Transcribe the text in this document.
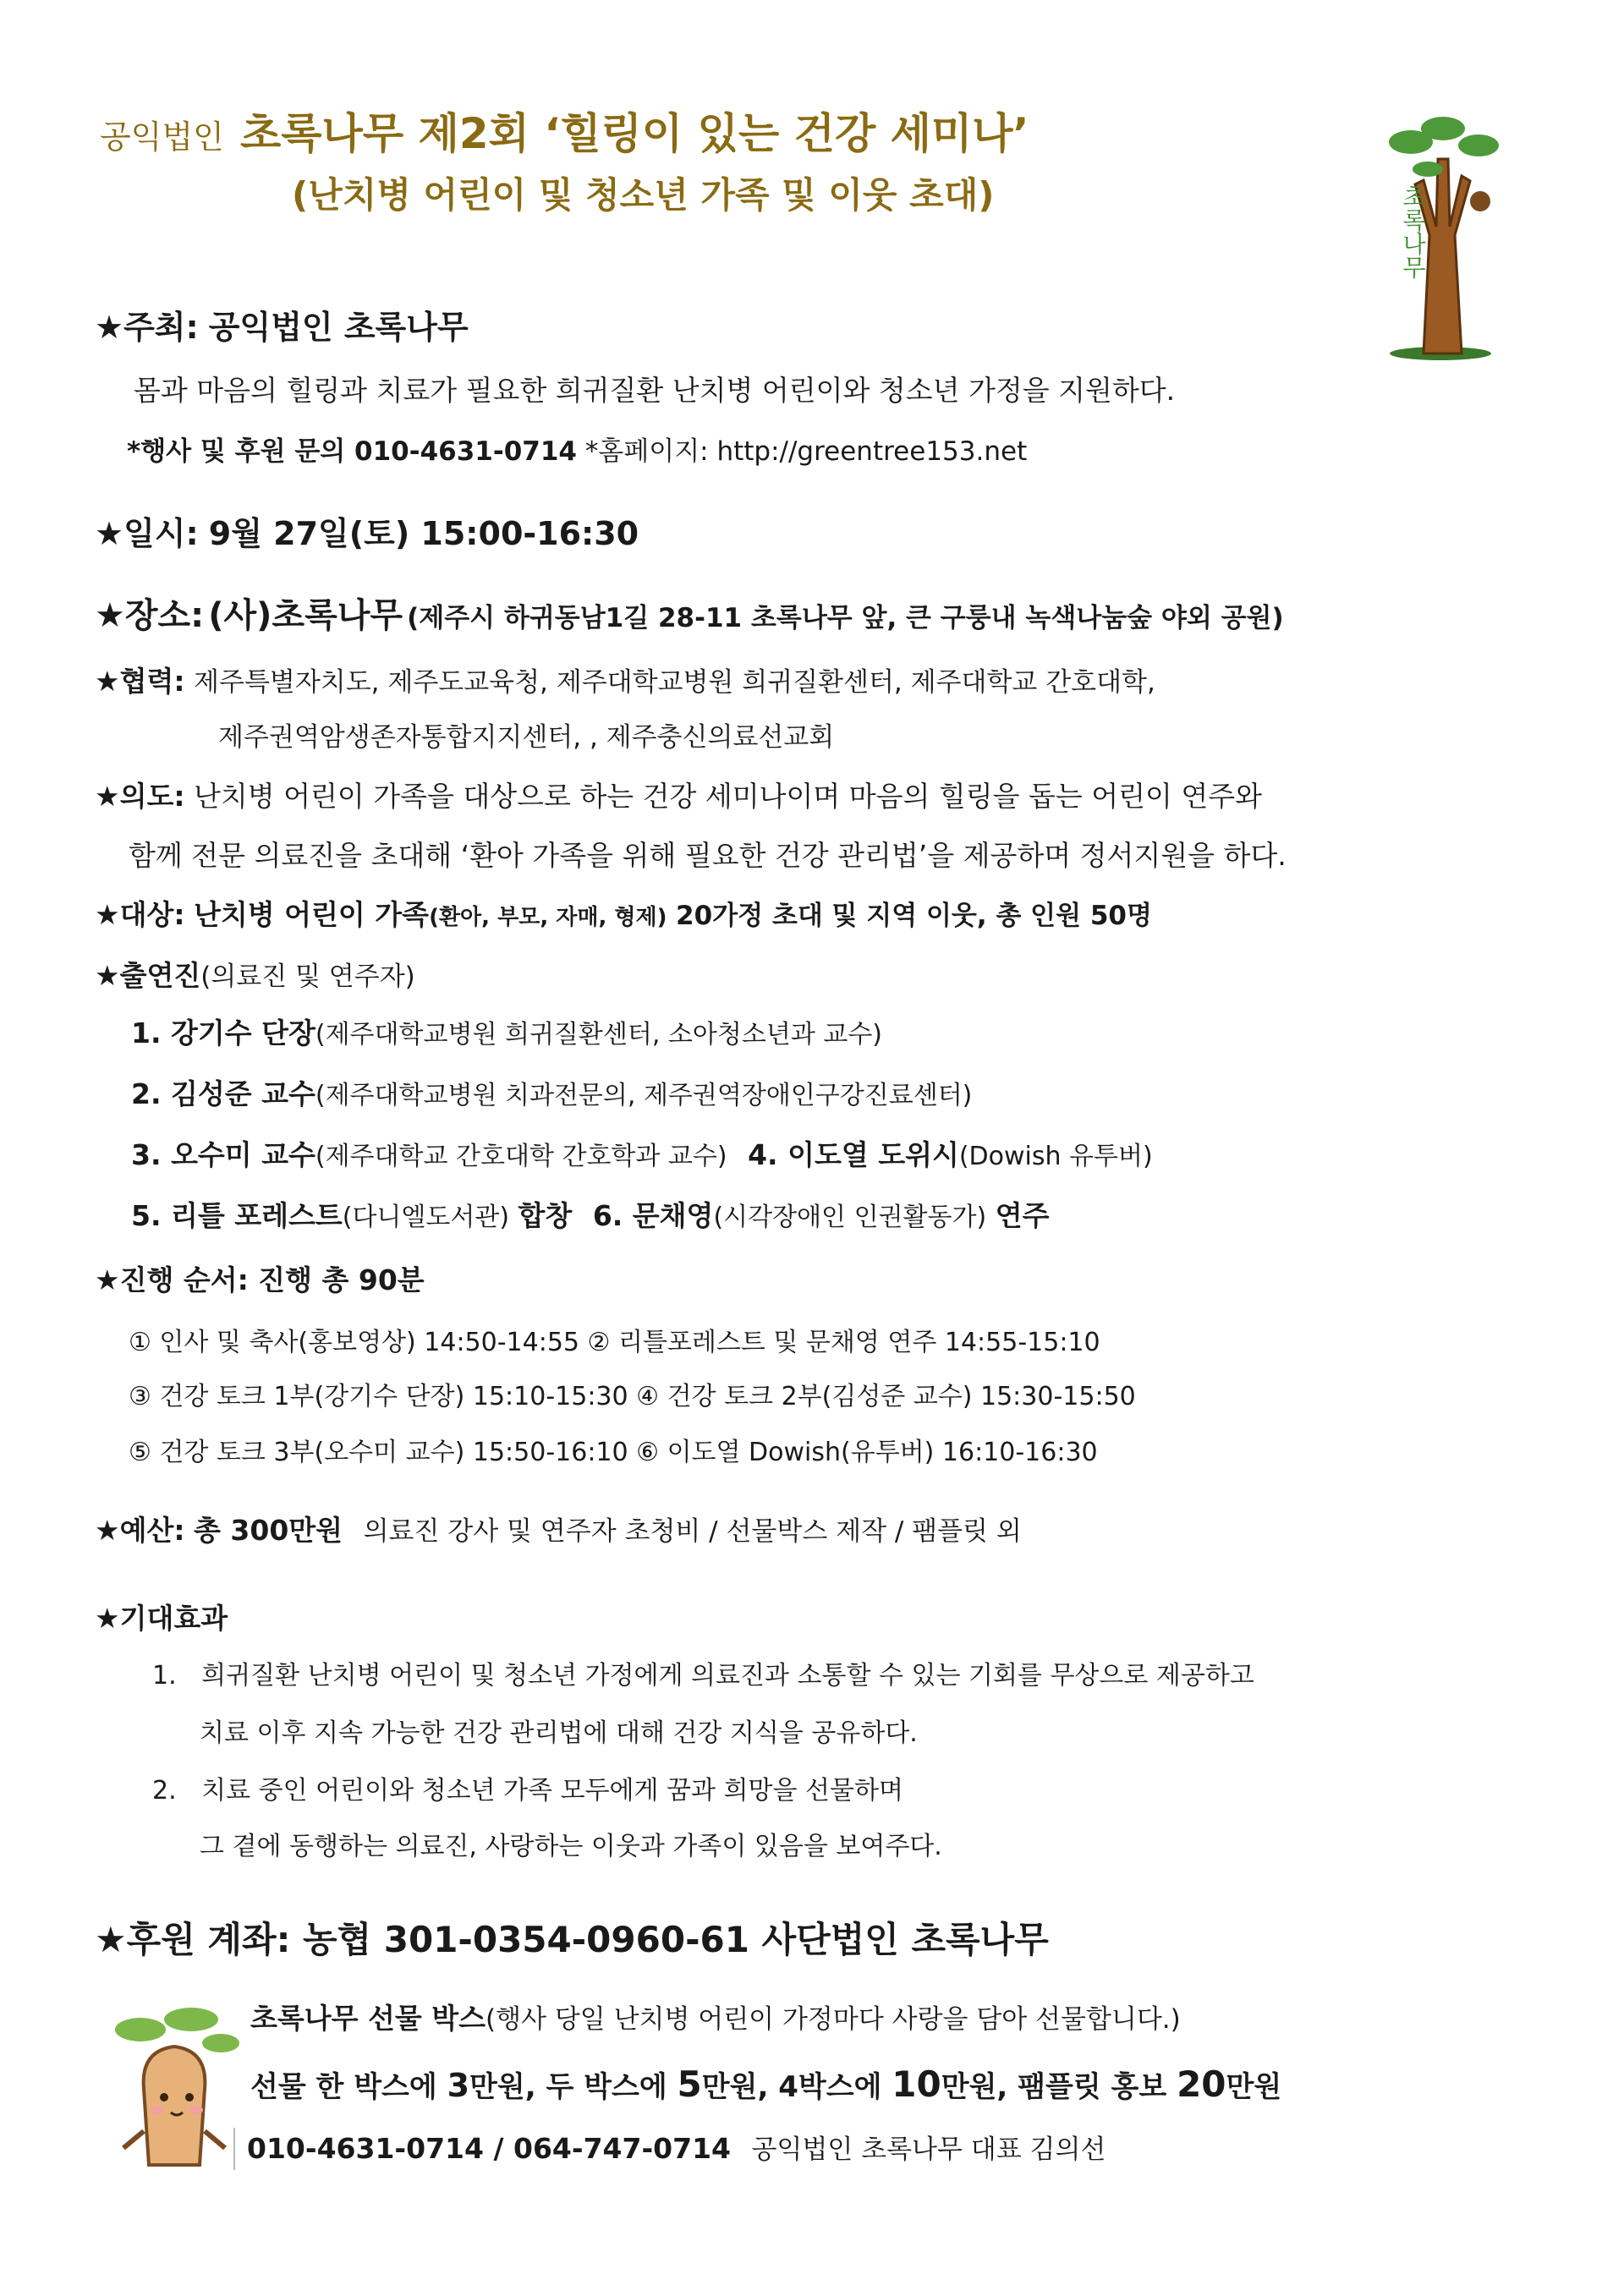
공익법인 초록나무 제2회 ‘힐링이 있는 건강 세미나’
(난치병 어린이 및 청소년 가족 및 이웃 초대)	초록나무
★주최: 공익법인 초록나무
몸과 마음의 힐링과 치료가 필요한 희귀질환 난치병 어린이와 청소년 가정을 지원하다.
*행사 및 후원 문의 010-4631-0714 *홈페이지: http://greentree153.net
★일시: 9월 27일(토) 15:00-16:30
★장소: (사)초록나무 (제주시 하귀동남1길 28-11 초록나무 앞, 큰 구룽내 녹색나눔숲 야외 공원)
★협력: 제주특별자치도, 제주도교육청, 제주대학교병원 희귀질환센터, 제주대학교 간호대학,
제주권역암생존자통합지지센터, , 제주충신의료선교회
★의도: 난치병 어린이 가족을 대상으로 하는 건강 세미나이며 마음의 힐링을 돕는 어린이 연주와
함께 전문 의료진을 초대해 ‘환아 가족을 위해 필요한 건강 관리법’을 제공하며 정서지원을 하다.
★대상: 난치병 어린이 가족(환아, 부모, 자매, 형제) 20가정 초대 및 지역 이웃, 총 인원 50명
★출연진(의료진 및 연주자)
1. 강기수 단장(제주대학교병원 희귀질환센터, 소아청소년과 교수)
2. 김성준 교수(제주대학교병원 치과전문의, 제주권역장애인구강진료센터)
3. 오수미 교수(제주대학교 간호대학 간호학과 교수) 4. 이도열 도위시(Dowish 유투버)
5. 리틀 포레스트(다니엘도서관) 합창 6. 문채영(시각장애인 인권활동가) 연주
★진행 순서: 진행 총 90분
① 인사 및 축사(홍보영상) 14:50-14:55 ② 리틀포레스트 및 문채영 연주 14:55-15:10
③ 건강 토크 1부(강기수 단장) 15:10-15:30 ④ 건강 토크 2부(김성준 교수) 15:30-15:50
⑤ 건강 토크 3부(오수미 교수) 15:50-16:10 ⑥ 이도열 Dowish(유투버) 16:10-16:30
★예산: 총 300만원 의료진 강사 및 연주자 초청비 / 선물박스 제작 / 팸플릿 외
★기대효과
1. 희귀질환 난치병 어린이 및 청소년 가정에게 의료진과 소통할 수 있는 기회를 무상으로 제공하고
치료 이후 지속 가능한 건강 관리법에 대해 건강 지식을 공유하다.
2. 치료 중인 어린이와 청소년 가족 모두에게 꿈과 희망을 선물하며
그 곁에 동행하는 의료진, 사랑하는 이웃과 가족이 있음을 보여주다.
★후원 계좌: 농협 301-0354-0960-61 사단법인 초록나무
초록나무 선물 박스(행사 당일 난치병 어린이 가정마다 사랑을 담아 선물합니다.)
선물 한 박스에 3만원, 두 박스에 5만원, 4박스에 10만원, 팸플릿 홍보 20만원
010-4631-0714 / 064-747-0714 공익법인 초록나무 대표 김의선
